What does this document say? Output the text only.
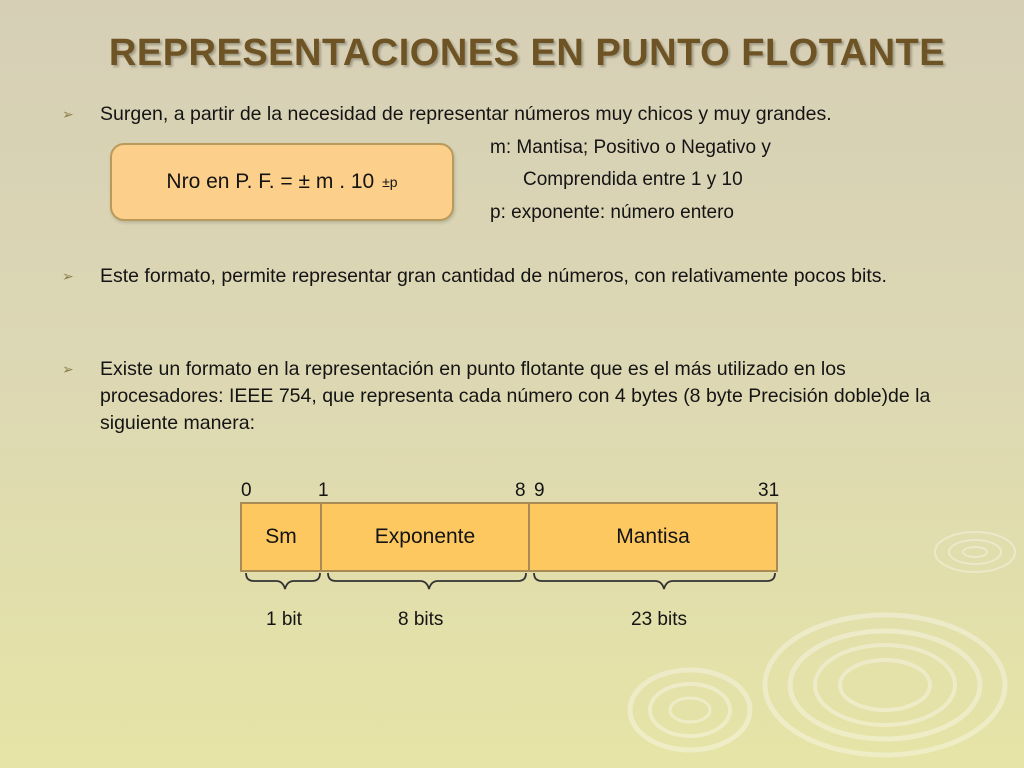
REPRESENTACIONES EN PUNTO FLOTANTE
➢ Surgen, a partir de la necesidad de representar números muy chicos y muy grandes.
Nro en P. F. = ± m . 10
±p
m: Mantisa; Positivo o Negativo y
Comprendida entre 1 y 10
p: exponente: número entero
➢ Este formato, permite representar gran cantidad de números, con relativamente pocos bits.
➢ Existe un formato en la representación en punto flotante que es el más utilizado en los procesadores: IEEE 754, que representa cada número con 4 bytes (8 byte Precisión doble)de la siguiente manera:
0	1	8 9	31
Sm	Exponente	Mantisa
1 bit	8 bits	23 bits
